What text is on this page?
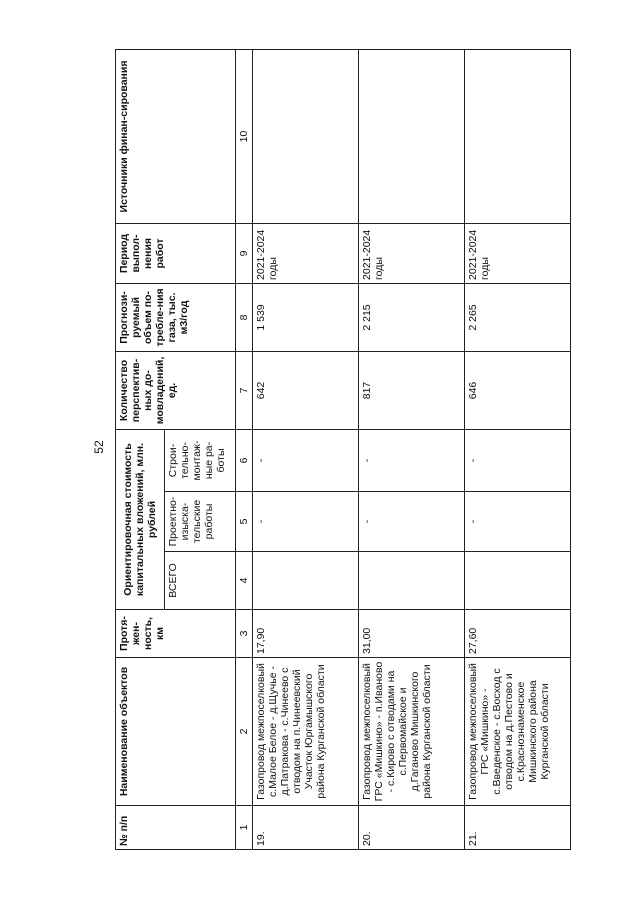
52
№ п/п	Наименование объектов	Протя-жен-ность, км	Ориентировочная стоимость капитальных вложений, млн. рублей			Количество перспектив-ных до-мовладений, ед.	Прогнози-руемый объем по-требле-ния газа, тыс. м3/год	Период выпол-нения работ	Источники финан-сирования
			ВСЕГО	Проектно-изыска-тельские работы	Строи-тельно-монтаж-ные ра-боты				
1	2	3	4	5	6	7	8	9	10
19.	Газопровод межпоселковый с.Малое Белое - д.Щучье - д.Патракова - с.Чинеево с отводом на п.Чинеевский Участок Юргамышского района Курганской области	17,90		-	-	642	1 539	2021-2024 годы	
20.	Газопровод межпоселковый ГРС «Мишкино» - п.Иваново - с.Кирово с отводами на с.Первомайское и д.Гаганово Мишкинского района Курганской области	31,00		-	-	817	2 215	2021-2024 годы	
21.	Газопровод межпоселковый ГРС «Мишкино» - с.Введенское - с.Восход с отводом на д.Пестово и с.Краснознаменское Мишкинского района Курганской области	27,60		-	-	646	2 265	2021-2024 годы	
